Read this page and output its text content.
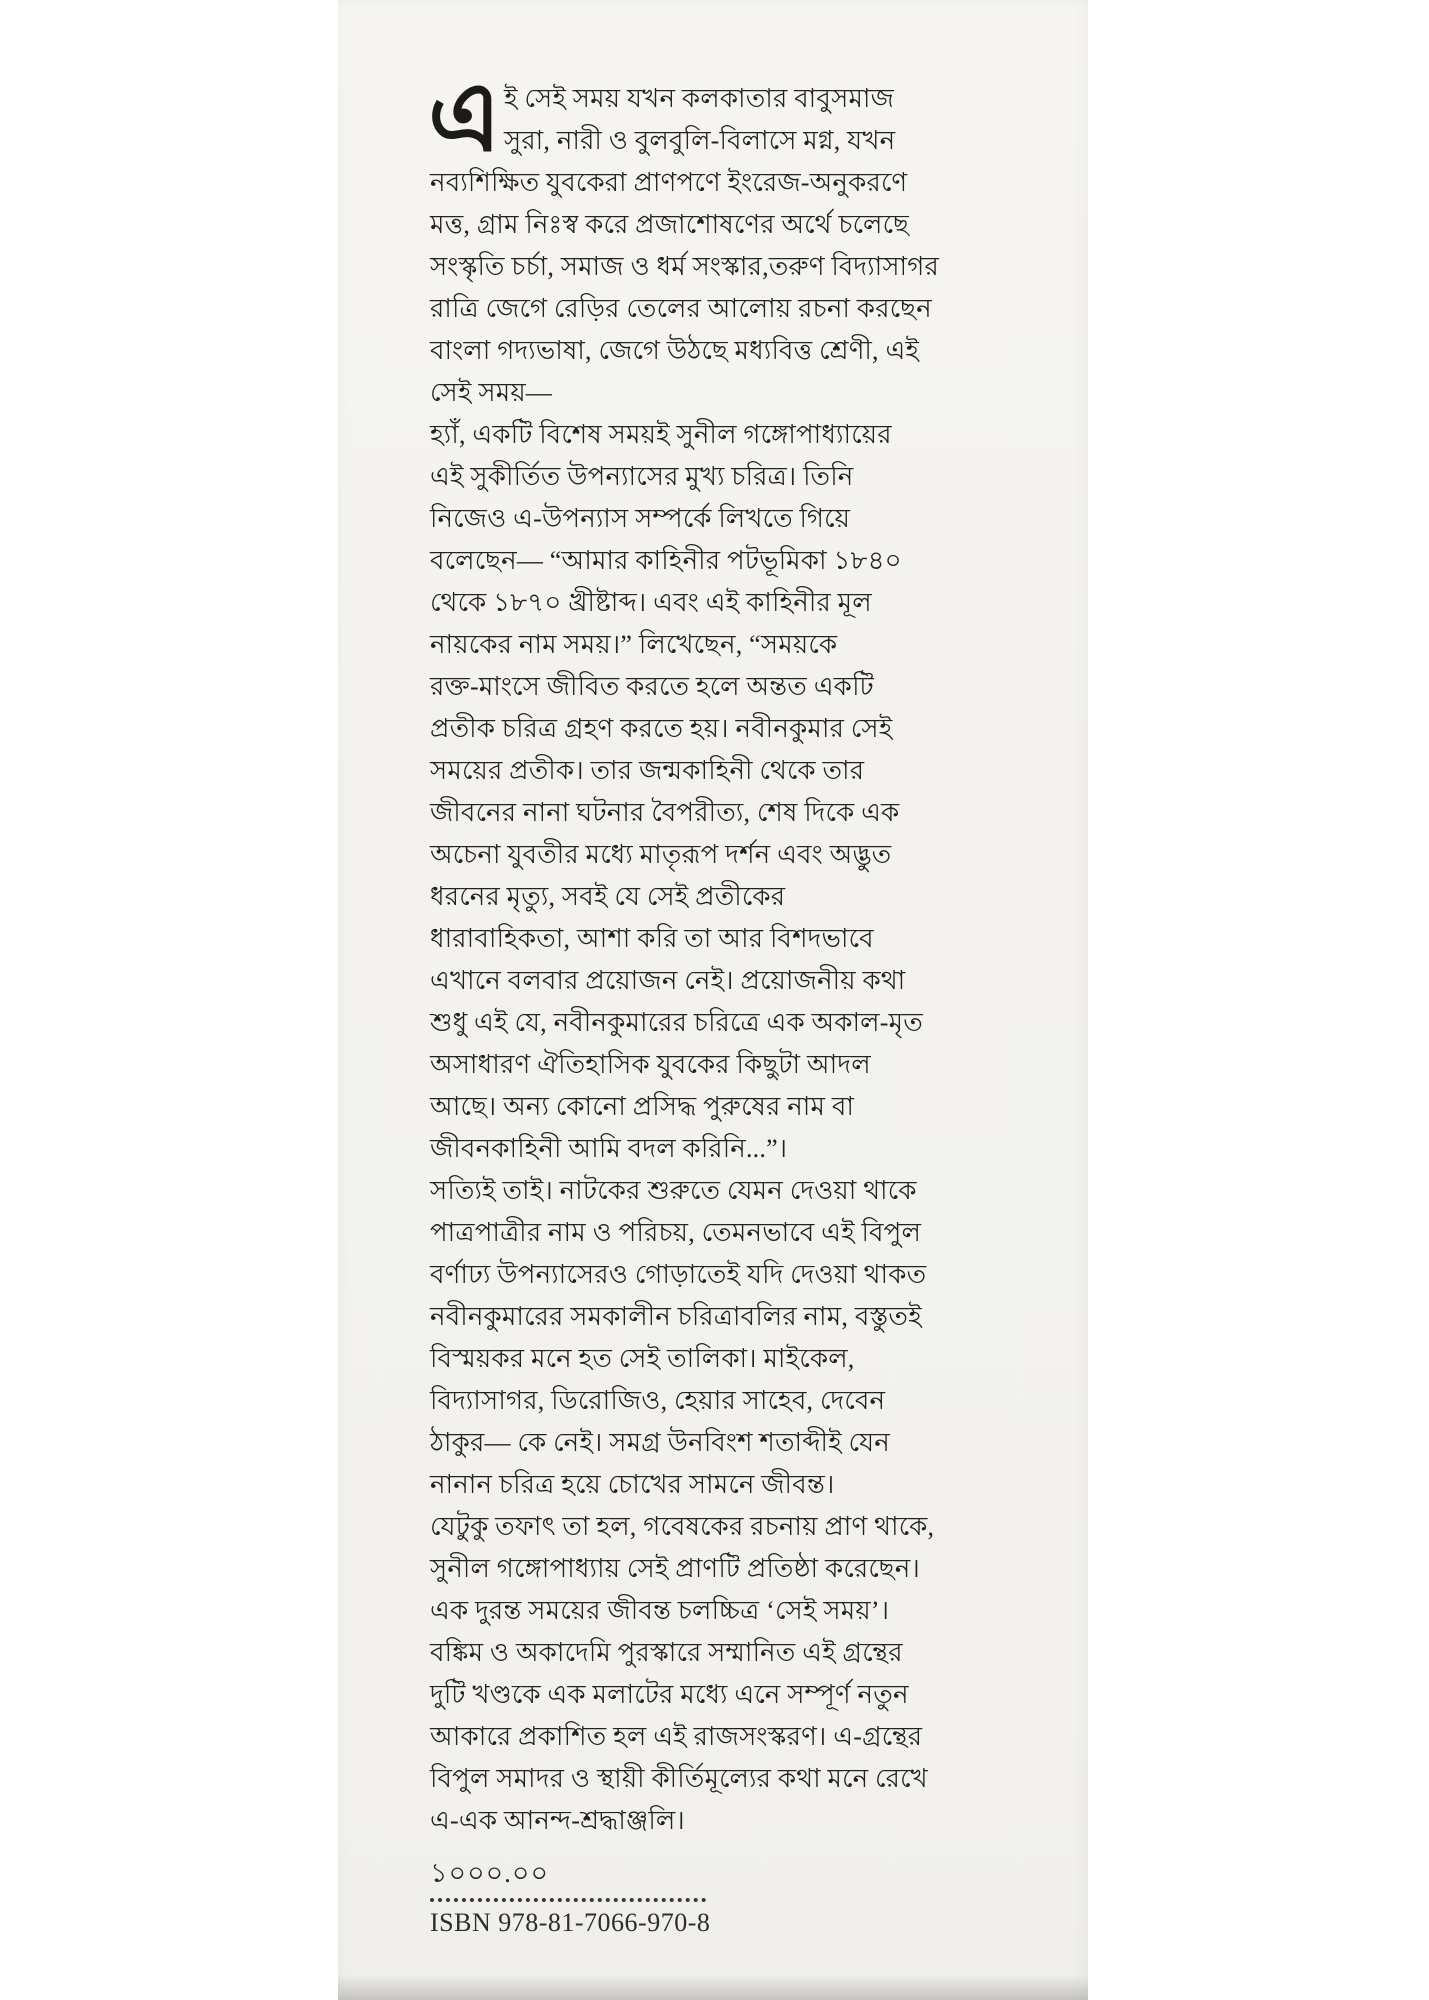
এ ই সেই সময় যখন কলকাতার বাবুসমাজ
সুরা, নারী ও বুলবুলি-বিলাসে মগ্ন, যখন
নব্যশিক্ষিত যুবকেরা প্রাণপণে ইংরেজ-অনুকরণে
মত্ত, গ্রাম নিঃস্ব করে প্রজাশোষণের অর্থে চলেছে
সংস্কৃতি চর্চা, সমাজ ও ধর্ম সংস্কার,তরুণ বিদ্যাসাগর
রাত্রি জেগে রেড়ির তেলের আলোয় রচনা করছেন
বাংলা গদ্যভাষা, জেগে উঠছে মধ্যবিত্ত শ্রেণী, এই
সেই সময়—
হ্যাঁ, একটি বিশেষ সময়ই সুনীল গঙ্গোপাধ্যায়ের
এই সুকীর্তিত উপন্যাসের মুখ্য চরিত্র। তিনি
নিজেও এ-উপন্যাস সম্পর্কে লিখতে গিয়ে
বলেছেন— “আমার কাহিনীর পটভূমিকা ১৮৪০
থেকে ১৮৭০ খ্রীষ্টাব্দ। এবং এই কাহিনীর মূল
নায়কের নাম সময়।” লিখেছেন, “সময়কে
রক্ত-মাংসে জীবিত করতে হলে অন্তত একটি
প্রতীক চরিত্র গ্রহণ করতে হয়। নবীনকুমার সেই
সময়ের প্রতীক। তার জন্মকাহিনী থেকে তার
জীবনের নানা ঘটনার বৈপরীত্য, শেষ দিকে এক
অচেনা যুবতীর মধ্যে মাতৃরূপ দর্শন এবং অদ্ভুত
ধরনের মৃত্যু, সবই যে সেই প্রতীকের
ধারাবাহিকতা, আশা করি তা আর বিশদভাবে
এখানে বলবার প্রয়োজন নেই। প্রয়োজনীয় কথা
শুধু এই যে, নবীনকুমারের চরিত্রে এক অকাল-মৃত
অসাধারণ ঐতিহাসিক যুবকের কিছুটা আদল
আছে। অন্য কোনো প্রসিদ্ধ পুরুষের নাম বা
জীবনকাহিনী আমি বদল করিনি...”।
সত্যিই তাই। নাটকের শুরুতে যেমন দেওয়া থাকে
পাত্রপাত্রীর নাম ও পরিচয়, তেমনভাবে এই বিপুল
বর্ণাঢ্য উপন্যাসেরও গোড়াতেই যদি দেওয়া থাকত
নবীনকুমারের সমকালীন চরিত্রাবলির নাম, বস্তুতই
বিস্ময়কর মনে হত সেই তালিকা। মাইকেল,
বিদ্যাসাগর, ডিরোজিও, হেয়ার সাহেব, দেবেন
ঠাকুর— কে নেই। সমগ্র উনবিংশ শতাব্দীই যেন
নানান চরিত্র হয়ে চোখের সামনে জীবন্ত।
যেটুকু তফাৎ তা হল, গবেষকের রচনায় প্রাণ থাকে,
সুনীল গঙ্গোপাধ্যায় সেই প্রাণটি প্রতিষ্ঠা করেছেন।
এক দুরন্ত সময়ের জীবন্ত চলচ্চিত্র ‘সেই সময়’।
বঙ্কিম ও অকাদেমি পুরস্কারে সম্মানিত এই গ্রন্থের
দুটি খণ্ডকে এক মলাটের মধ্যে এনে সম্পূর্ণ নতুন
আকারে প্রকাশিত হল এই রাজসংস্করণ। এ-গ্রন্থের
বিপুল সমাদর ও স্থায়ী কীর্তিমূল্যের কথা মনে রেখে
এ-এক আনন্দ-শ্রদ্ধাঞ্জলি।
১০০০.০০
ISBN 978-81-7066-970-8
